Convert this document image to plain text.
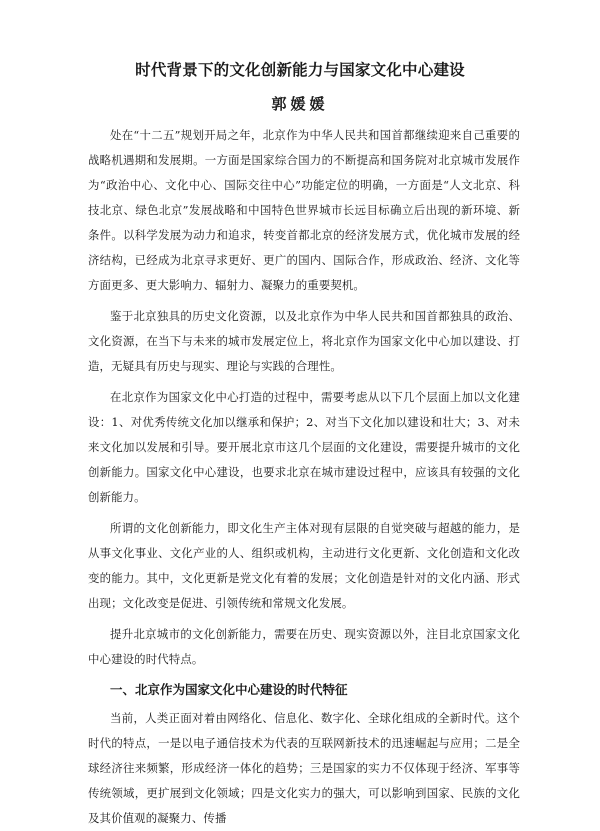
时代背景下的文化创新能力与国家文化中心建设
郭媛媛

处在“十二五”规划开局之年，北京作为中华人民共和国首都继续迎来自己重要的战略机遇期和发展期。一方面是国家综合国力的不断提高和国务院对北京城市发展作为“政治中心、文化中心、国际交往中心”功能定位的明确，一方面是“人文北京、科技北京、绿色北京”发展战略和中国特色世界城市长远目标确立后出现的新环境、新条件。以科学发展为动力和追求，转变首都北京的经济发展方式，优化城市发展的经济结构，已经成为北京寻求更好、更广的国内、国际合作，形成政治、经济、文化等方面更多、更大影响力、辐射力、凝聚力的重要契机。

鉴于北京独具的历史文化资源，以及北京作为中华人民共和国首都独具的政治、文化资源，在当下与未来的城市发展定位上，将北京作为国家文化中心加以建设、打造，无疑具有历史与现实、理论与实践的合理性。

在北京作为国家文化中心打造的过程中，需要考虑从以下几个层面上加以文化建设：1、对优秀传统文化加以继承和保护；2、对当下文化加以建设和壮大；3、对未来文化加以发展和引导。要开展北京市这几个层面的文化建设，需要提升城市的文化创新能力。国家文化中心建设，也要求北京在城市建设过程中，应该具有较强的文化创新能力。

所谓的文化创新能力，即文化生产主体对现有层限的自觉突破与超越的能力，是从事文化事业、文化产业的人、组织或机构，主动进行文化更新、文化创造和文化改变的能力。其中，文化更新是党文化有着的发展；文化创造是针对的文化内涵、形式出现；文化改变是促进、引领传统和常规文化发展。

提升北京城市的文化创新能力，需要在历史、现实资源以外，注目北京国家文化中心建设的时代特点。

一、北京作为国家文化中心建设的时代特征

当前，人类正面对着由网络化、信息化、数字化、全球化组成的全新时代。这个时代的特点，一是以电子通信技术为代表的互联网新技术的迅速崛起与应用；二是全球经济往来频繁，形成经济一体化的趋势；三是国家的实力不仅体现于经济、军事等传统领域，更扩展到文化领域；四是文化实力的强大，可以影响到国家、民族的文化及其价值观的凝聚力、传播
